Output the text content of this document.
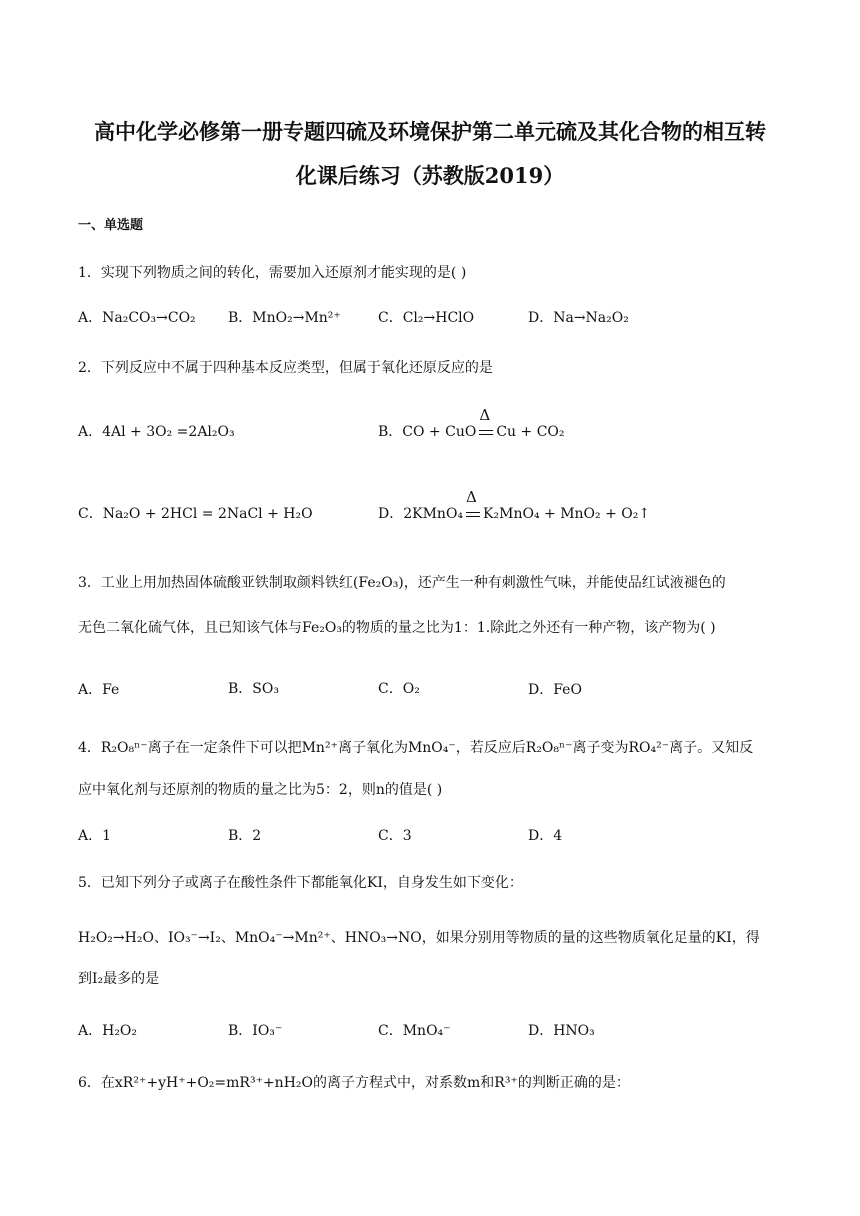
高中化学必修第一册专题四硫及环境保护第二单元硫及其化合物的相互转
化课后练习（苏教版2019）
一、单选题
1．实现下列物质之间的转化，需要加入还原剂才能实现的是( )
A．Na₂CO₃→CO₂ B．MnO₂→Mn²⁺	C．Cl₂→HClO	D．Na→Na₂O₂
2．下列反应中不属于四种基本反应类型，但属于氧化还原反应的是
A．4Al + 3O₂ =2Al₂O₃	B．CO + CuO
Δ
Cu + CO₂
C．Na₂O + 2HCl = 2NaCl + H₂O	D．2KMnO₄
Δ
K₂MnO₄ + MnO₂ + O₂↑
3．工业上用加热固体硫酸亚铁制取颜料铁红(Fe₂O₃)，还产生一种有刺激性气味，并能使品红试液褪色的
无色二氧化硫气体，且已知该气体与Fe₂O₃的物质的量之比为1：1.除此之外还有一种产物，该产物为( )
A．Fe	B．SO₃	C．O₂	D．FeO
4．R₂O₈ⁿ⁻离子在一定条件下可以把Mn²⁺离子氧化为MnO₄⁻，若反应后R₂O₈ⁿ⁻离子变为RO₄²⁻离子。又知反
应中氧化剂与还原剂的物质的量之比为5：2，则n的值是( )
A．1	B．2	C．3	D．4
5．已知下列分子或离子在酸性条件下都能氧化KI，自身发生如下变化：
H₂O₂→H₂O、IO₃⁻→I₂、MnO₄⁻→Mn²⁺、HNO₃→NO，如果分别用等物质的量的这些物质氧化足量的KI，得
到I₂最多的是
A．H₂O₂	B．IO₃⁻	C．MnO₄⁻	D．HNO₃
6．在xR²⁺+yH⁺+O₂=mR³⁺+nH₂O的离子方程式中，对系数m和R³⁺的判断正确的是：
